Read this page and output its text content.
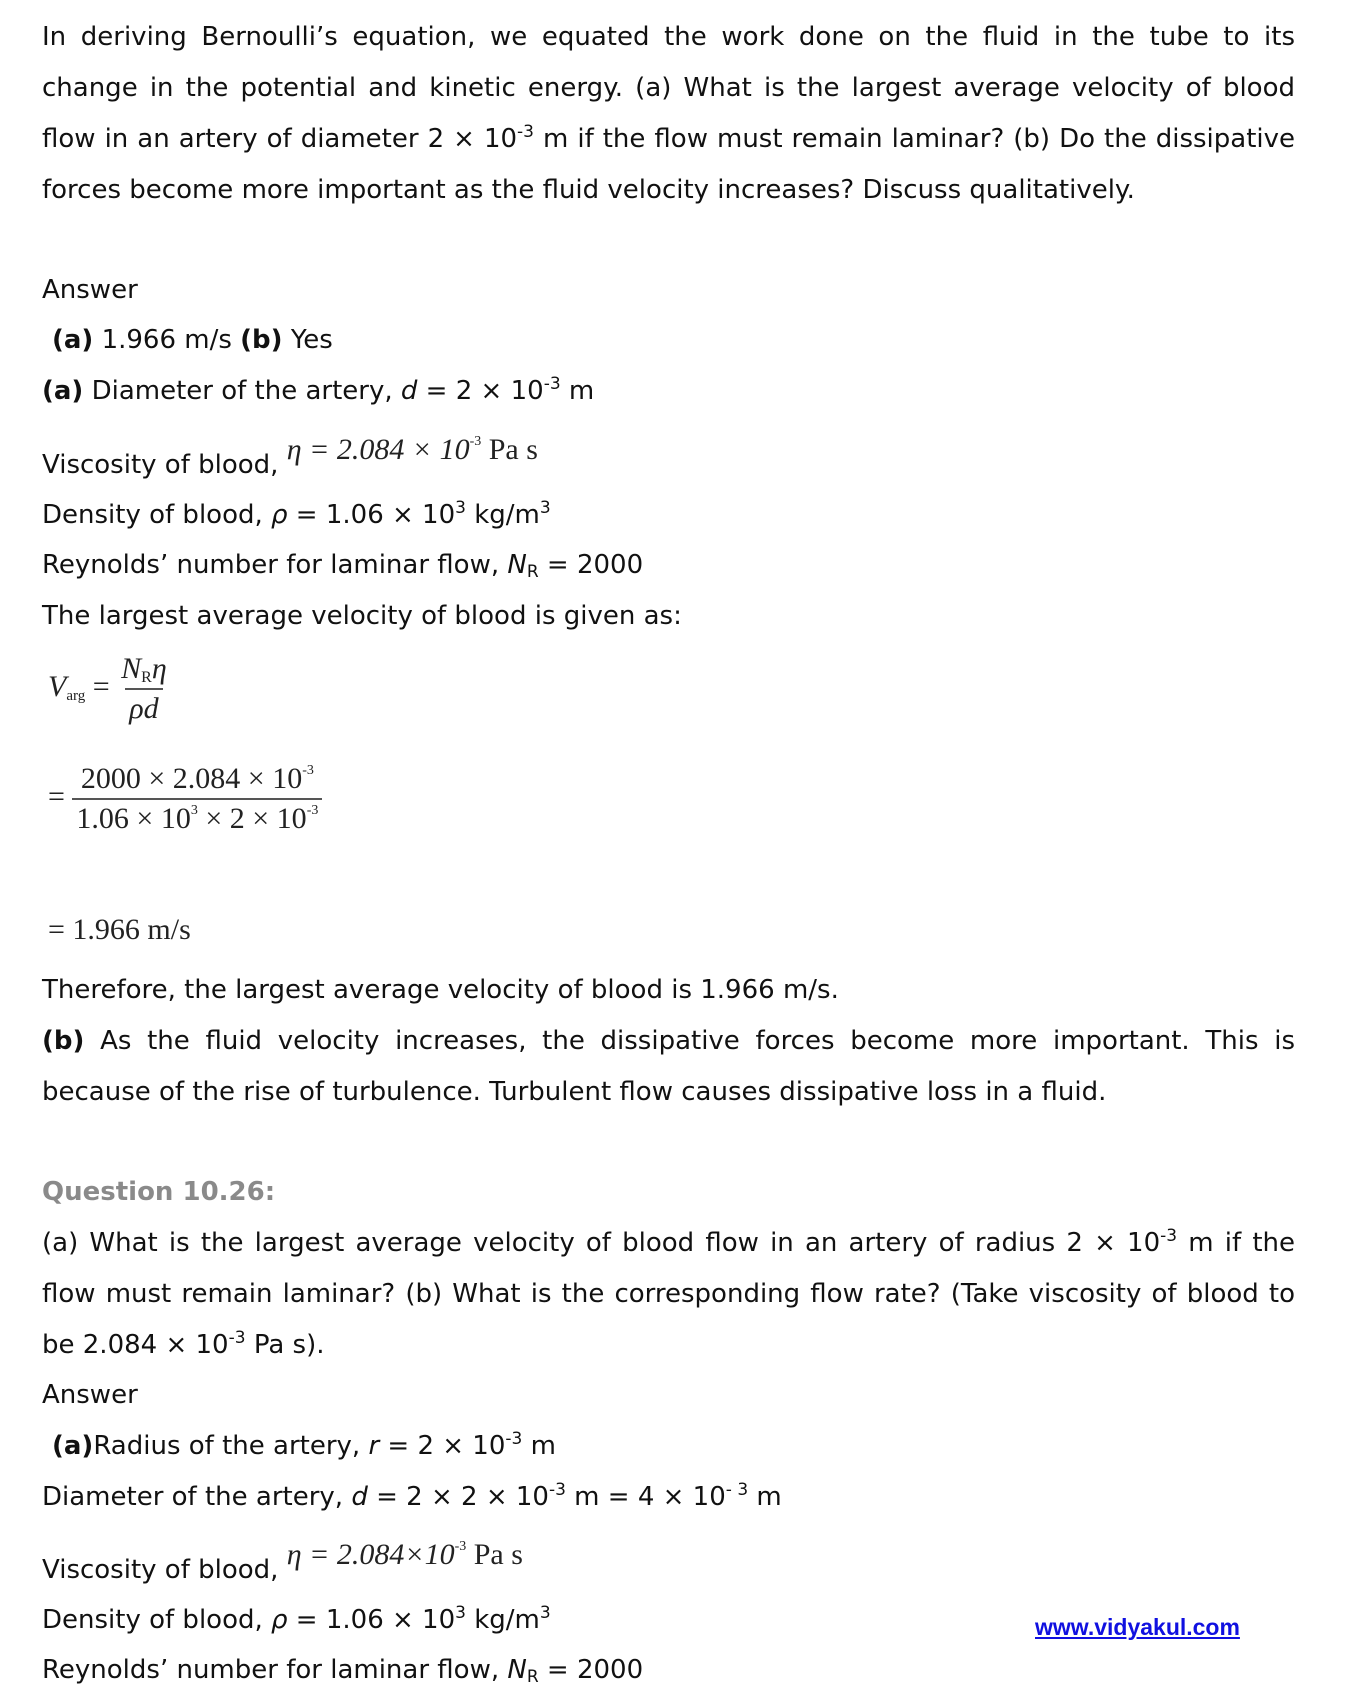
In deriving Bernoulli’s equation, we equated the work done on the fluid in the tube to its change in the potential and kinetic energy. (a) What is the largest average velocity of blood flow in an artery of diameter $2 \times 10^{-3}$ m if the flow must remain laminar? (b) Do the dissipative forces become more important as the fluid velocity increases? Discuss qualitatively.
Answer
(a) 1.966 m/s (b) Yes
(a) Diameter of the artery, $d = 2 \times 10^{-3}$ m
Viscosity of blood, $\eta = 2.084 \times 10^{-3}$ Pa s
Density of blood, $\rho = 1.06 \times 10^3$ $kg/m^3$
Reynolds’ number for laminar flow, $N_R = 2000$
The largest average velocity of blood is given as:
$V_{arg} = \frac{N_R\eta}{\rho d}$
= $\frac{2000 \times 2.084 \times 10^{-3}}{1.06 \times 10^3 \times 2 \times 10^{-3}}$
= 1.966 m/s
Therefore, the largest average velocity of blood is 1.966 m/s.
(b) As the fluid velocity increases, the dissipative forces become more important. This is because of the rise of turbulence. Turbulent flow causes dissipative loss in a fluid.
Question 10.26:
(a) What is the largest average velocity of blood flow in an artery of radius $2 \times 10^{-3}$ m if the flow must remain laminar? (b) What is the corresponding flow rate? (Take viscosity of blood to be $2.084 \times 10^{-3}$ Pa s).
Answer
(a)Radius of the artery, $r = 2 \times 10^{-3}$ m
Diameter of the artery, $d = 2 \times 2 \times 10^{-3}$ $m = 4 \times 10^{- 3}$ m
Viscosity of blood, $\eta = 2.084\times 10^{-3}$ Pa s
Density of blood, $\rho = 1.06 \times 10^3$ $kg/m^3$
Reynolds’ number for laminar flow, $N_R = 2000$
www.vidyakul.com
